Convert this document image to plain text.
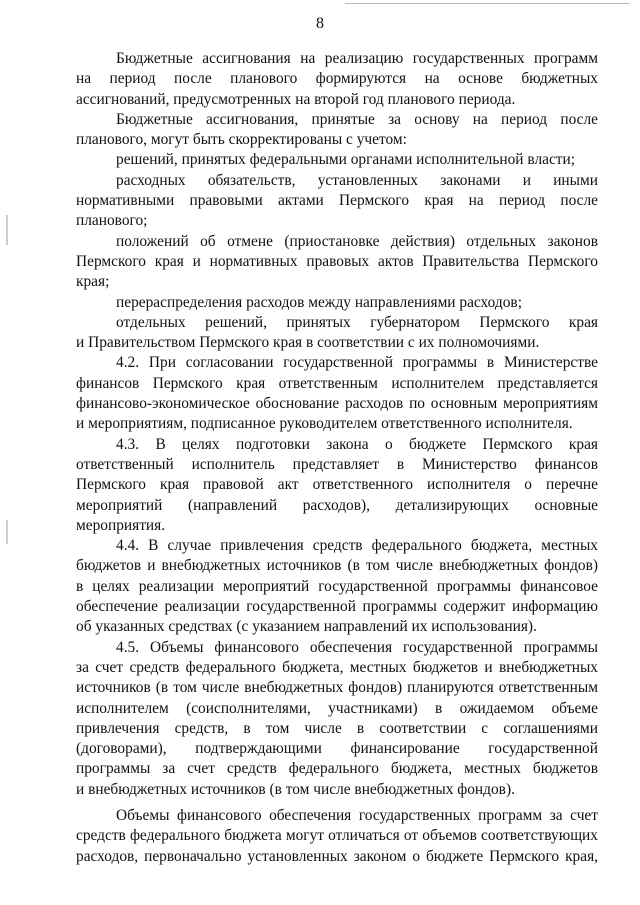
8

Бюджетные ассигнования на реализацию государственных программ

на период после планового формируются на основе бюджетных

ассигнований, предусмотренных на второй год планового периода.

Бюджетные ассигнования, принятые за основу на период после

планового, могут быть скорректированы с учетом:

решений, принятых федеральными органами исполнительной власти;

расходных обязательств, установленных законами и иными

нормативными правовыми актами Пермского края на период после

планового;

положений об отмене (приостановке действия) отдельных законов

Пермского края и нормативных правовых актов Правительства Пермского

края;

перераспределения расходов между направлениями расходов;

отдельных решений, принятых губернатором Пермского края

и Правительством Пермского края в соответствии с их полномочиями.

4.2. При согласовании государственной программы в Министерстве

финансов Пермского края ответственным исполнителем представляется

финансово-экономическое обоснование расходов по основным мероприятиям

и мероприятиям, подписанное руководителем ответственного исполнителя.

4.3. В целях подготовки закона о бюджете Пермского края

ответственный исполнитель представляет в Министерство финансов

Пермского края правовой акт ответственного исполнителя о перечне

мероприятий (направлений расходов), детализирующих основные

мероприятия.

4.4. В случае привлечения средств федерального бюджета, местных

бюджетов и внебюджетных источников (в том числе внебюджетных фондов)

в целях реализации мероприятий государственной программы финансовое

обеспечение реализации государственной программы содержит информацию

об указанных средствах (с указанием направлений их использования).

4.5. Объемы финансового обеспечения государственной программы

за счет средств федерального бюджета, местных бюджетов и внебюджетных

источников (в том числе внебюджетных фондов) планируются ответственным

исполнителем (соисполнителями, участниками) в ожидаемом объеме

привлечения средств, в том числе в соответствии с соглашениями

(договорами), подтверждающими финансирование государственной

программы за счет средств федерального бюджета, местных бюджетов

и внебюджетных источников (в том числе внебюджетных фондов).

Объемы финансового обеспечения государственных программ за счет

средств федерального бюджета могут отличаться от объемов соответствующих

расходов, первоначально установленных законом о бюджете Пермского края,
